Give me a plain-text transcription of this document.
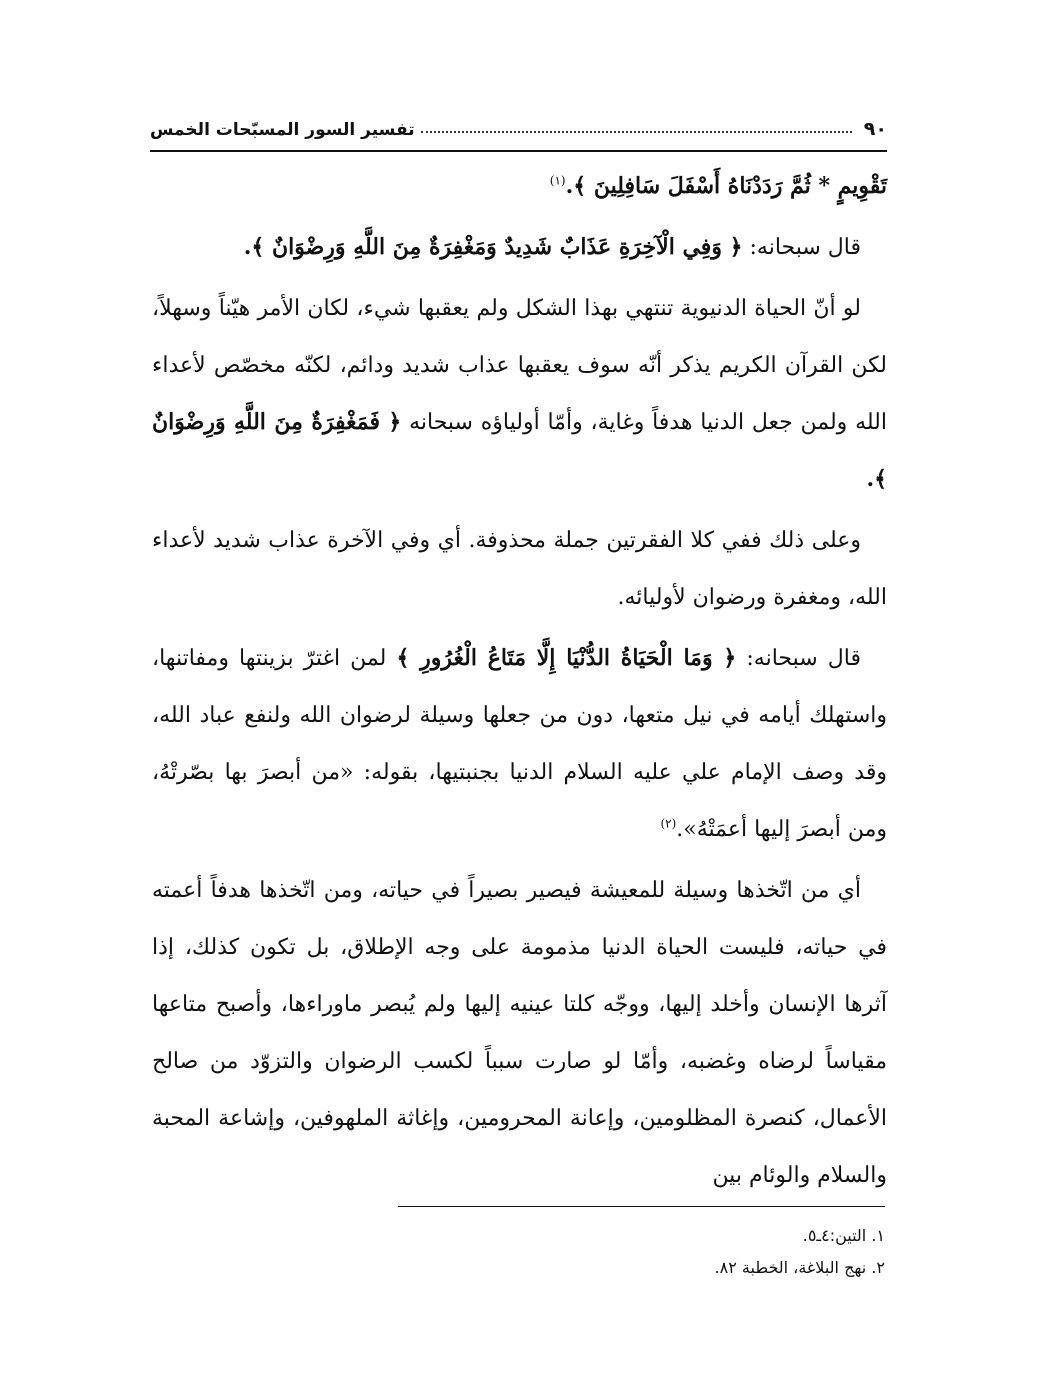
٩٠
تفسير السور المسبّحات الخمس

تَقْوِيمٍ * ثُمَّ رَدَدْنَاهُ أَسْفَلَ سَافِلِينَ ﴾.$^{(١)}$

قال سبحانه: ﴿ وَفِي الْآخِرَةِ عَذَابٌ شَدِيدٌ وَمَغْفِرَةٌ مِنَ اللَّهِ وَرِضْوَانٌ ﴾.

لو أنّ الحياة الدنيوية تنتهي بهذا الشكل ولم يعقبها شيء، لكان الأمر هيّناً وسهلاً، لكن القرآن الكريم يذكر أنّه سوف يعقبها عذاب شديد ودائم، لكنّه مخصّص لأعداء الله ولمن جعل الدنيا هدفاً وغاية، وأمّا أولياؤه سبحانه ﴿ فَمَغْفِرَةٌ مِنَ اللَّهِ وَرِضْوَانٌ ﴾.

وعلى ذلك ففي كلا الفقرتين جملة محذوفة. أي وفي الآخرة عذاب شديد لأعداء الله، ومغفرة ورضوان لأوليائه.

قال سبحانه: ﴿ وَمَا الْحَيَاةُ الدُّنْيَا إِلَّا مَتَاعُ الْغُرُورِ ﴾ لمن اغترّ بزينتها ومفاتنها، واستهلك أيامه في نيل متعها، دون من جعلها وسيلة لرضوان الله ولنفع عباد الله، وقد وصف الإمام علي عليه السلام الدنيا بجنبتيها، بقوله: «من أبصرَ بها بصّرتْهُ، ومن أبصرَ إليها أعمَتْهُ».$^{(٢)}$

أي من اتّخذها وسيلة للمعيشة فيصير بصيراً في حياته، ومن اتّخذها هدفاً أعمته في حياته، فليست الحياة الدنيا مذمومة على وجه الإطلاق، بل تكون كذلك، إذا آثرها الإنسان وأخلد إليها، ووجّه كلتا عينيه إليها ولم يُبصر ماوراءها، وأصبح متاعها مقياساً لرضاه وغضبه، وأمّا لو صارت سبباً لكسب الرضوان والتزوّد من صالح الأعمال، كنصرة المظلومين، وإعانة المحرومين، وإغاثة الملهوفين، وإشاعة المحبة والسلام والوئام بين

١. التين:٤ـ٥.
٢. نهج البلاغة، الخطبة ٨٢.
